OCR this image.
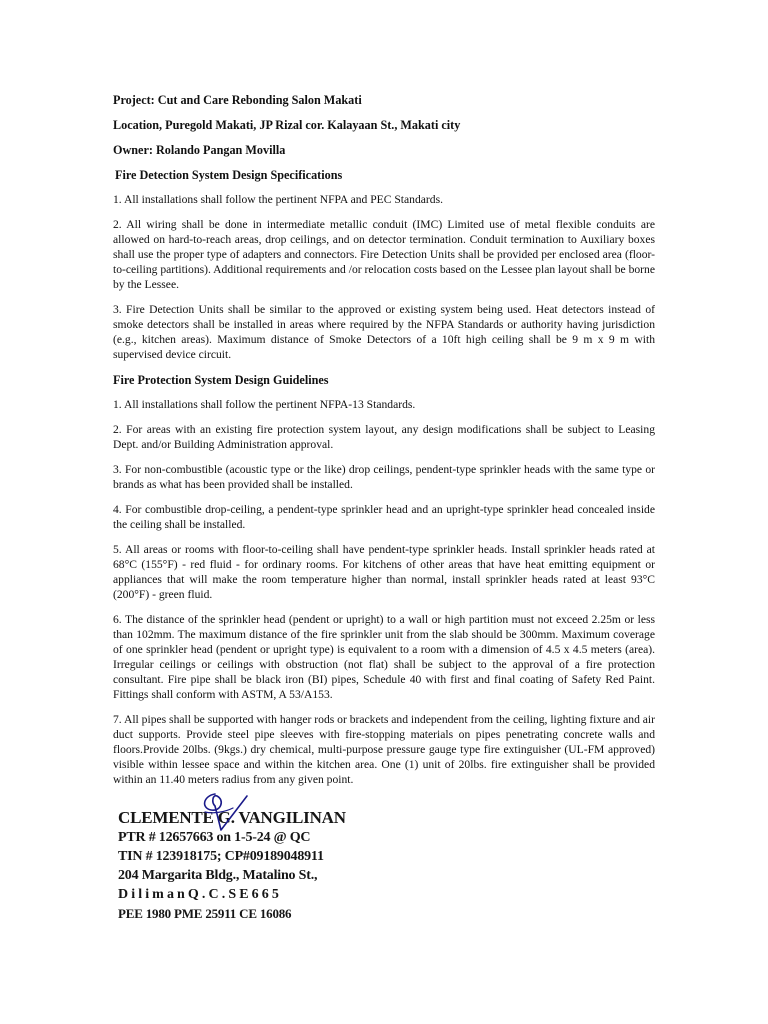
Project: Cut and Care Rebonding Salon Makati

Location, Puregold Makati, JP Rizal cor. Kalayaan St., Makati city

Owner: Rolando Pangan Movilla

Fire Detection System Design Specifications

1. All installations shall follow the pertinent NFPA and PEC Standards.

2. All wiring shall be done in intermediate metallic conduit (IMC) Limited use of metal flexible conduits are allowed on hard-to-reach areas, drop ceilings, and on detector termination. Conduit termination to Auxiliary boxes shall use the proper type of adapters and connectors. Fire Detection Units shall be provided per enclosed area (floor-to-ceiling partitions). Additional requirements and /or relocation costs based on the Lessee plan layout shall be borne by the Lessee.

3. Fire Detection Units shall be similar to the approved or existing system being used. Heat detectors instead of smoke detectors shall be installed in areas where required by the NFPA Standards or authority having jurisdiction (e.g., kitchen areas). Maximum distance of Smoke Detectors of a 10ft high ceiling shall be 9 m x 9 m with supervised device circuit.

Fire Protection System Design Guidelines

1. All installations shall follow the pertinent NFPA-13 Standards.

2. For areas with an existing fire protection system layout, any design modifications shall be subject to Leasing Dept. and/or Building Administration approval.

3. For non-combustible (acoustic type or the like) drop ceilings, pendent-type sprinkler heads with the same type or brands as what has been provided shall be installed.

4. For combustible drop-ceiling, a pendent-type sprinkler head and an upright-type sprinkler head concealed inside the ceiling shall be installed.

5. All areas or rooms with floor-to-ceiling shall have pendent-type sprinkler heads. Install sprinkler heads rated at 68°C (155°F) - red fluid - for ordinary rooms. For kitchens of other areas that have heat emitting equipment or appliances that will make the room temperature higher than normal, install sprinkler heads rated at least 93°C (200°F) - green fluid.

6. The distance of the sprinkler head (pendent or upright) to a wall or high partition must not exceed 2.25m or less than 102mm. The maximum distance of the fire sprinkler unit from the slab should be 300mm. Maximum coverage of one sprinkler head (pendent or upright type) is equivalent to a room with a dimension of 4.5 x 4.5 meters (area). Irregular ceilings or ceilings with obstruction (not flat) shall be subject to the approval of a fire protection consultant. Fire pipe shall be black iron (BI) pipes, Schedule 40 with first and final coating of Safety Red Paint. Fittings shall conform with ASTM, A 53/A153.

7. All pipes shall be supported with hanger rods or brackets and independent from the ceiling, lighting fixture and air duct supports. Provide steel pipe sleeves with fire-stopping materials on pipes penetrating concrete walls and floors.Provide 20lbs. (9kgs.) dry chemical, multi-purpose pressure gauge type fire extinguisher (UL-FM approved) visible within lessee space and within the kitchen area. One (1) unit of 20lbs. fire extinguisher shall be provided within an 11.40 meters radius from any given point.

CLEMENTE G. VANGILINAN
PTR # 12657663 on 1-5-24 @ QC
TIN # 123918175; CP#09189048911
204 Margarita Bldg., Matalino St.,
D i l i m a n Q . C . S E 6 6 5
PEE 1980 PME 25911 CE 16086
